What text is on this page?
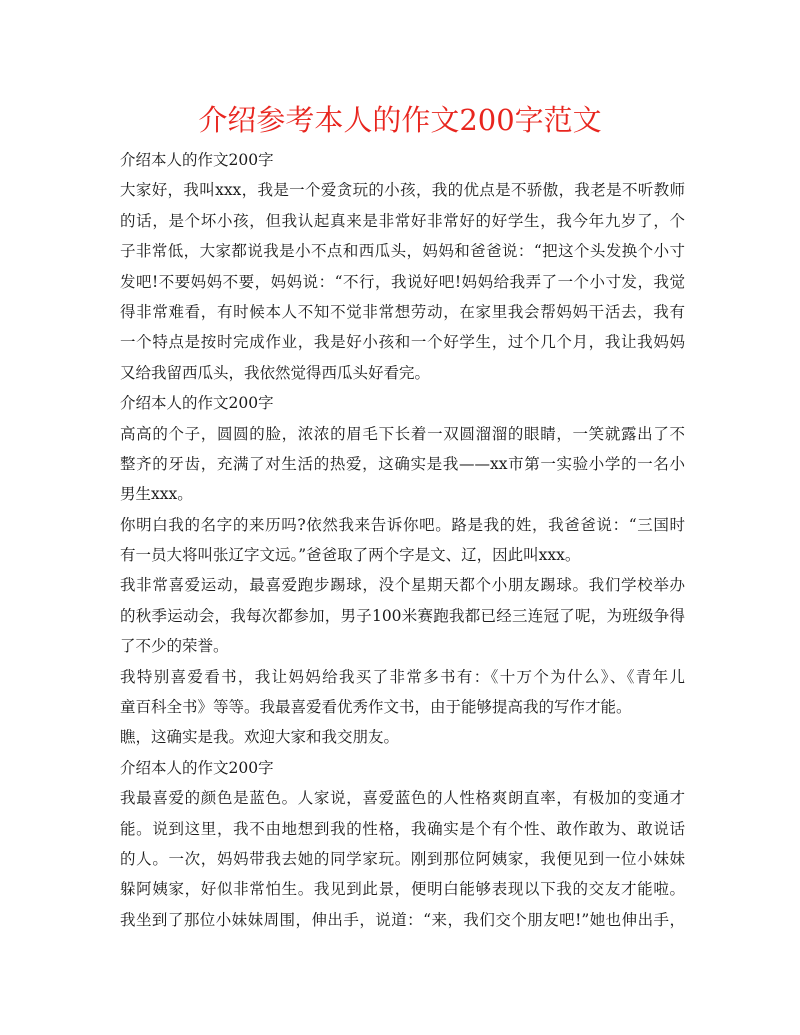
介绍参考本人的作文200字范文
介绍本人的作文200字
大家好，我叫xxx，我是一个爱贪玩的小孩，我的优点是不骄傲，我老是不听教师
的话，是个坏小孩，但我认起真来是非常好非常好的好学生，我今年九岁了，个
子非常低，大家都说我是小不点和西瓜头，妈妈和爸爸说：“把这个头发换个小寸
发吧!不要妈妈不要，妈妈说：“不行，我说好吧!妈妈给我弄了一个小寸发，我觉
得非常难看，有时候本人不知不觉非常想劳动，在家里我会帮妈妈干活去，我有
一个特点是按时完成作业，我是好小孩和一个好学生，过个几个月，我让我妈妈
又给我留西瓜头，我依然觉得西瓜头好看完。
介绍本人的作文200字
高高的个子，圆圆的脸，浓浓的眉毛下长着一双圆溜溜的眼睛，一笑就露出了不
整齐的牙齿，充满了对生活的热爱，这确实是我——xx市第一实验小学的一名小
男生xxx。
你明白我的名字的来历吗?依然我来告诉你吧。路是我的姓，我爸爸说：“三国时
有一员大将叫张辽字文远。”爸爸取了两个字是文、辽，因此叫xxx。
我非常喜爱运动，最喜爱跑步踢球，没个星期天都个小朋友踢球。我们学校举办
的秋季运动会，我每次都参加，男子100米赛跑我都已经三连冠了呢，为班级争得
了不少的荣誉。
我特别喜爱看书，我让妈妈给我买了非常多书有：《十万个为什么》、《青年儿
童百科全书》等等。我最喜爱看优秀作文书，由于能够提高我的写作才能。
瞧，这确实是我。欢迎大家和我交朋友。
介绍本人的作文200字
我最喜爱的颜色是蓝色。人家说，喜爱蓝色的人性格爽朗直率，有极加的变通才
能。说到这里，我不由地想到我的性格，我确实是个有个性、敢作敢为、敢说话
的人。一次，妈妈带我去她的同学家玩。刚到那位阿姨家，我便见到一位小妹妹
躲阿姨家，好似非常怕生。我见到此景，便明白能够表现以下我的交友才能啦。
我坐到了那位小妹妹周围，伸出手，说道：“来，我们交个朋友吧!”她也伸出手，
